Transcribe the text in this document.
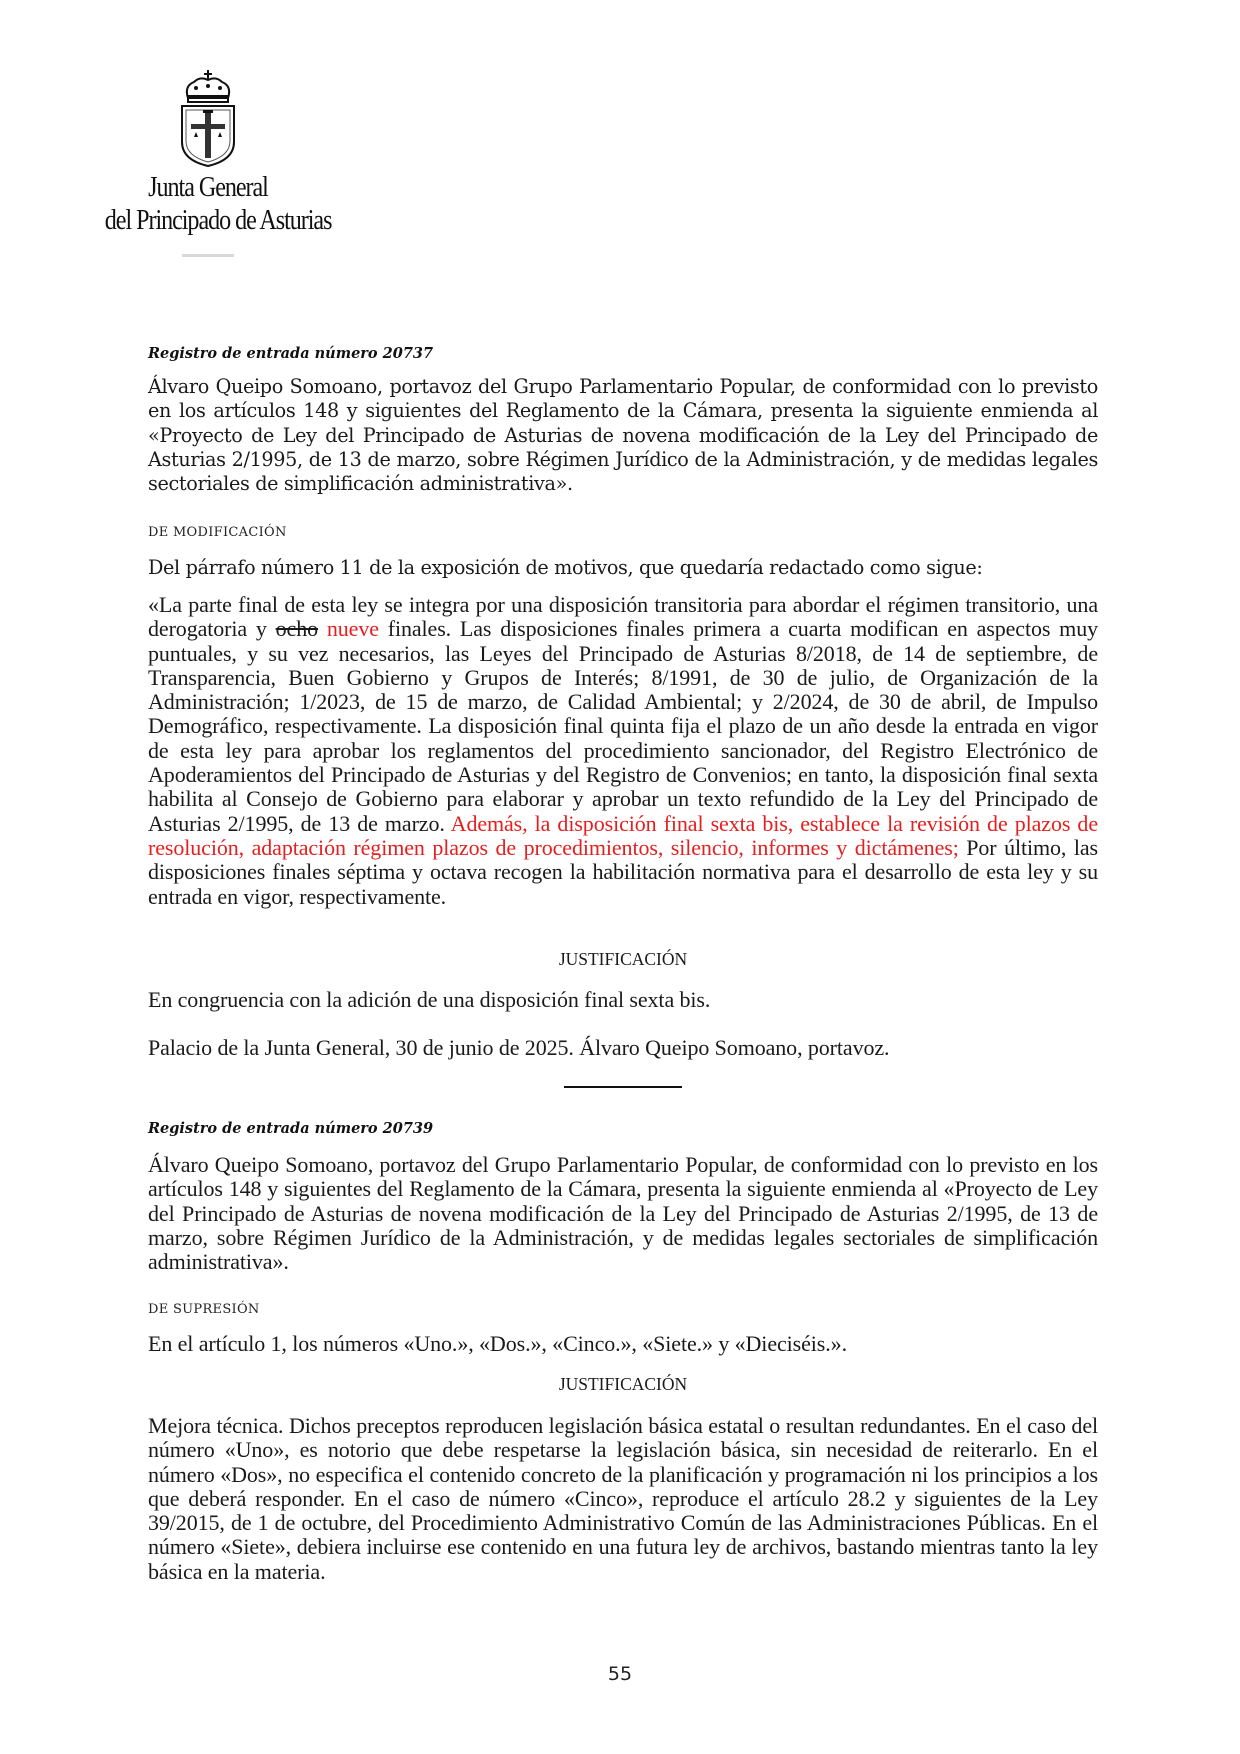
Junta General
del Principado de Asturias
Registro de entrada número 20737

Álvaro Queipo Somoano, portavoz del Grupo Parlamentario Popular, de conformidad con lo previsto en los artículos 148 y siguientes del Reglamento de la Cámara, presenta la siguiente enmienda al «Proyecto de Ley del Principado de Asturias de novena modificación de la Ley del Principado de Asturias 2/1995, de 13 de marzo, sobre Régimen Jurídico de la Administración, y de medidas legales sectoriales de simplificación administrativa».

DE MODIFICACIÓN

Del párrafo número 11 de la exposición de motivos, que quedaría redactado como sigue:

«La parte final de esta ley se integra por una disposición transitoria para abordar el régimen transitorio, una derogatoria y ocho nueve finales. Las disposiciones finales primera a cuarta modifican en aspectos muy puntuales, y su vez necesarios, las Leyes del Principado de Asturias 8/2018, de 14 de septiembre, de Transparencia, Buen Gobierno y Grupos de Interés; 8/1991, de 30 de julio, de Organización de la Administración; 1/2023, de 15 de marzo, de Calidad Ambiental; y 2/2024, de 30 de abril, de Impulso Demográfico, respectivamente. La disposición final quinta fija el plazo de un año desde la entrada en vigor de esta ley para aprobar los reglamentos del procedimiento sancionador, del Registro Electrónico de Apoderamientos del Principado de Asturias y del Registro de Convenios; en tanto, la disposición final sexta habilita al Consejo de Gobierno para elaborar y aprobar un texto refundido de la Ley del Principado de Asturias 2/1995, de 13 de marzo. Además, la disposición final sexta bis, establece la revisión de plazos de resolución, adaptación régimen plazos de procedimientos, silencio, informes y dictámenes; Por último, las disposiciones finales séptima y octava recogen la habilitación normativa para el desarrollo de esta ley y su entrada en vigor, respectivamente.

JUSTIFICACIÓN

En congruencia con la adición de una disposición final sexta bis.

Palacio de la Junta General, 30 de junio de 2025. Álvaro Queipo Somoano, portavoz.

Registro de entrada número 20739

Álvaro Queipo Somoano, portavoz del Grupo Parlamentario Popular, de conformidad con lo previsto en los artículos 148 y siguientes del Reglamento de la Cámara, presenta la siguiente enmienda al «Proyecto de Ley del Principado de Asturias de novena modificación de la Ley del Principado de Asturias 2/1995, de 13 de marzo, sobre Régimen Jurídico de la Administración, y de medidas legales sectoriales de simplificación administrativa».

DE SUPRESIÓN

En el artículo 1, los números «Uno.», «Dos.», «Cinco.», «Siete.» y «Dieciséis.».

JUSTIFICACIÓN

Mejora técnica. Dichos preceptos reproducen legislación básica estatal o resultan redundantes. En el caso del número «Uno», es notorio que debe respetarse la legislación básica, sin necesidad de reiterarlo. En el número «Dos», no especifica el contenido concreto de la planificación y programación ni los principios a los que deberá responder. En el caso de número «Cinco», reproduce el artículo 28.2 y siguientes de la Ley 39/2015, de 1 de octubre, del Procedimiento Administrativo Común de las Administraciones Públicas. En el número «Siete», debiera incluirse ese contenido en una futura ley de archivos, bastando mientras tanto la ley básica en la materia.

55
